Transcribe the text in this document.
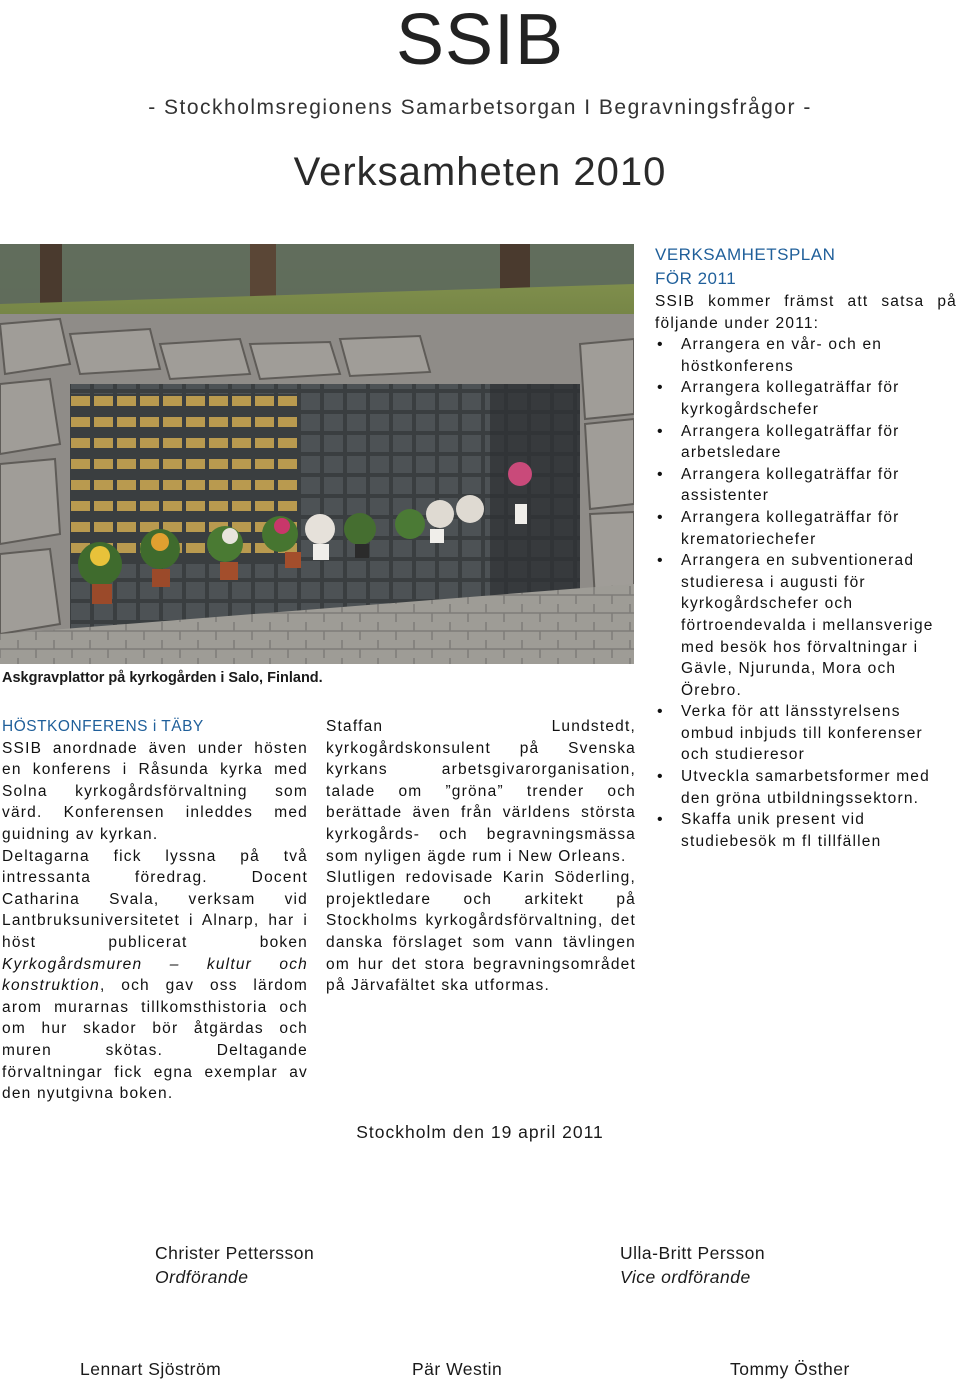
SSIB
- Stockholmsregionens Samarbetsorgan I Begravningsfrågor -
Verksamheten 2010
Askgravplattor på kyrkogården i Salo, Finland.

HÖSTKONFERENS i TÄBY

SSIB anordnade även under hösten en konferens i Råsunda kyrka med Solna kyrkogårdsförvaltning som värd. Konferensen inleddes med guidning av kyrkan.

Deltagarna fick lyssna på två intressanta föredrag. Docent Catharina Svala, verksam vid Lantbruksuniversitetet i Alnarp, har i höst publicerat boken Kyrkogårdsmuren – kultur och konstruktion, och gav oss lärdom arom murarnas tillkomsthistoria och om hur skador bör åtgärdas och muren skötas. Deltagande förvaltningar fick egna exemplar av den nyutgivna boken.

Staffan Lundstedt, kyrkogårdskonsulent på Svenska kyrkans arbetsgivarorganisation, talade om ”gröna” trender och berättade även från världens största kyrkogårds- och begravningsmässa som nyligen ägde rum i New Orleans.

Slutligen redovisade Karin Söderling, projektledare och arkitekt på Stockholms kyrkogårdsförvaltning, det danska förslaget som vann tävlingen om hur det stora begravningsområdet på Järvafältet ska utformas.

VERKSAMHETSPLAN
FÖR 2011

SSIB kommer främst att satsa på följande under 2011:

• Arrangera en vår- och en höstkonferens
• Arrangera kollegaträffar för kyrkogårdschefer
• Arrangera kollegaträffar för arbetsledare
• Arrangera kollegaträffar för assistenter
• Arrangera kollegaträffar för krematoriechefer
• Arrangera en subventionerad studieresa i augusti för kyrkogårdschefer och förtroendevalda i mellansverige med besök hos förvaltningar i Gävle, Njurunda, Mora och Örebro.
• Verka för att länsstyrelsens ombud inbjuds till konferenser och studieresor
• Utveckla samarbetsformer med den gröna utbildningssektorn.
• Skaffa unik present vid studiebesök m fl tillfällen
Stockholm den 19 april 2011
Christer Pettersson
Ordförande
Ulla-Britt Persson
Vice ordförande
Lennart Sjöström	Pär Westin	Tommy Östher
